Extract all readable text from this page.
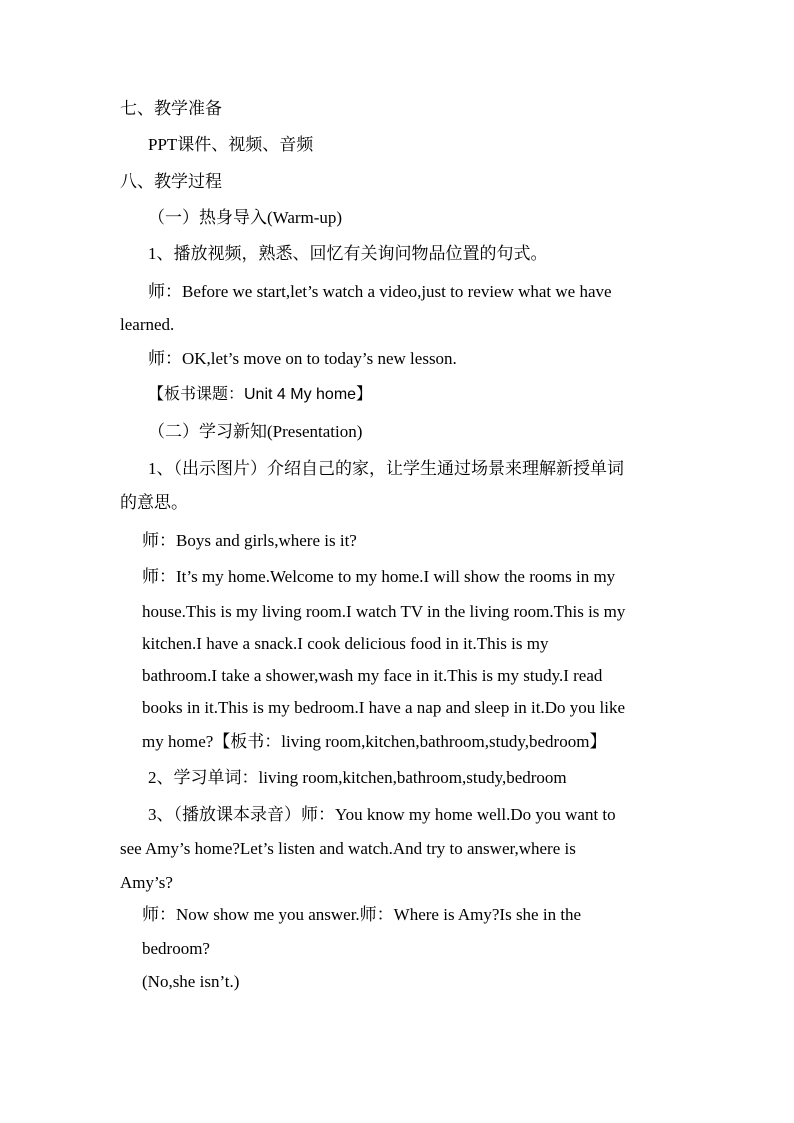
七、教学准备
PPT课件、视频、音频
八、教学过程
（一）热身导入(Warm-up)
1、播放视频，熟悉、回忆有关询问物品位置的句式。
师：Before we start,let’s watch a video,just to review what we have
learned.
师：OK,let’s move on to today’s new lesson.
【板书课题：Unit 4 My home】
（二）学习新知(Presentation)
1、（出示图片）介绍自己的家，让学生通过场景来理解新授单词
的意思。
师：Boys and girls,where is it?
师：It’s my home.Welcome to my home.I will show the rooms in my
house.This is my living room.I watch TV in the living room.This is my
kitchen.I have a snack.I cook delicious food in it.This is my
bathroom.I take a shower,wash my face in it.This is my study.I read
books in it.This is my bedroom.I have a nap and sleep in it.Do you like
my home?【板书：living room,kitchen,bathroom,study,bedroom】
2、学习单词：living room,kitchen,bathroom,study,bedroom
3、（播放课本录音）师：You know my home well.Do you want to
see Amy’s home?Let’s listen and watch.And try to answer,where is
Amy’s?
师：Now show me you answer.师：Where is Amy?Is she in the
bedroom?
(No,she isn’t.)
